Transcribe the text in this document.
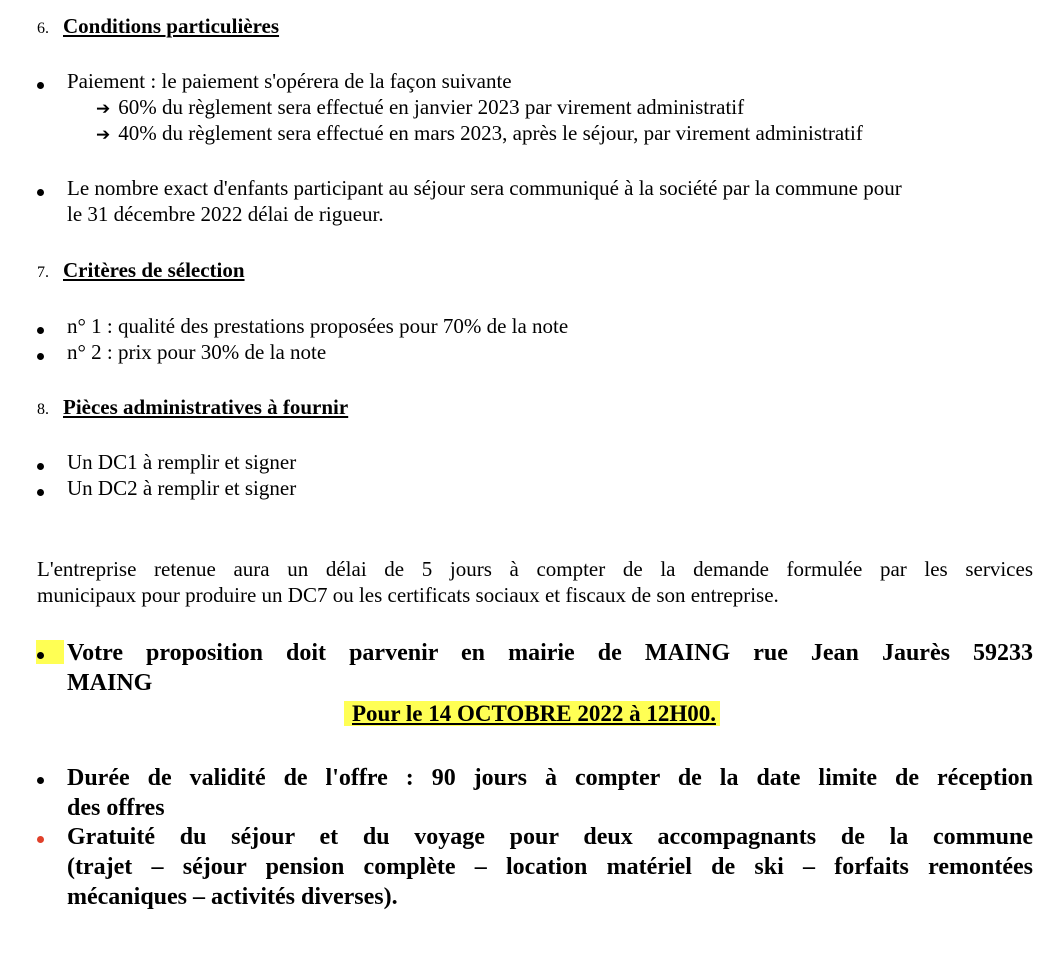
6. Conditions particulières
Paiement : le paiement s'opérera de la façon suivante
➔ 60% du règlement sera effectué en janvier 2023 par virement administratif
➔ 40% du règlement sera effectué en mars 2023, après le séjour, par virement administratif
Le nombre exact d'enfants participant au séjour sera communiqué à la société par la commune pour
le 31 décembre 2022 délai de rigueur.
7. Critères de sélection
n° 1 : qualité des prestations proposées pour 70% de la note
n° 2 : prix pour 30% de la note
8. Pièces administratives à fournir
Un DC1 à remplir et signer
Un DC2 à remplir et signer
L'entreprise retenue aura un délai de 5 jours à compter de la demande formulée par les services
municipaux pour produire un DC7 ou les certificats sociaux et fiscaux de son entreprise.
Votre proposition doit parvenir en mairie de MAING rue Jean Jaurès 59233
MAING
Pour le 14 OCTOBRE 2022 à 12H00.
Durée de validité de l'offre : 90 jours à compter de la date limite de réception
des offres
Gratuité du séjour et du voyage pour deux accompagnants de la commune
(trajet – séjour pension complète – location matériel de ski – forfaits remontées
mécaniques – activités diverses).
